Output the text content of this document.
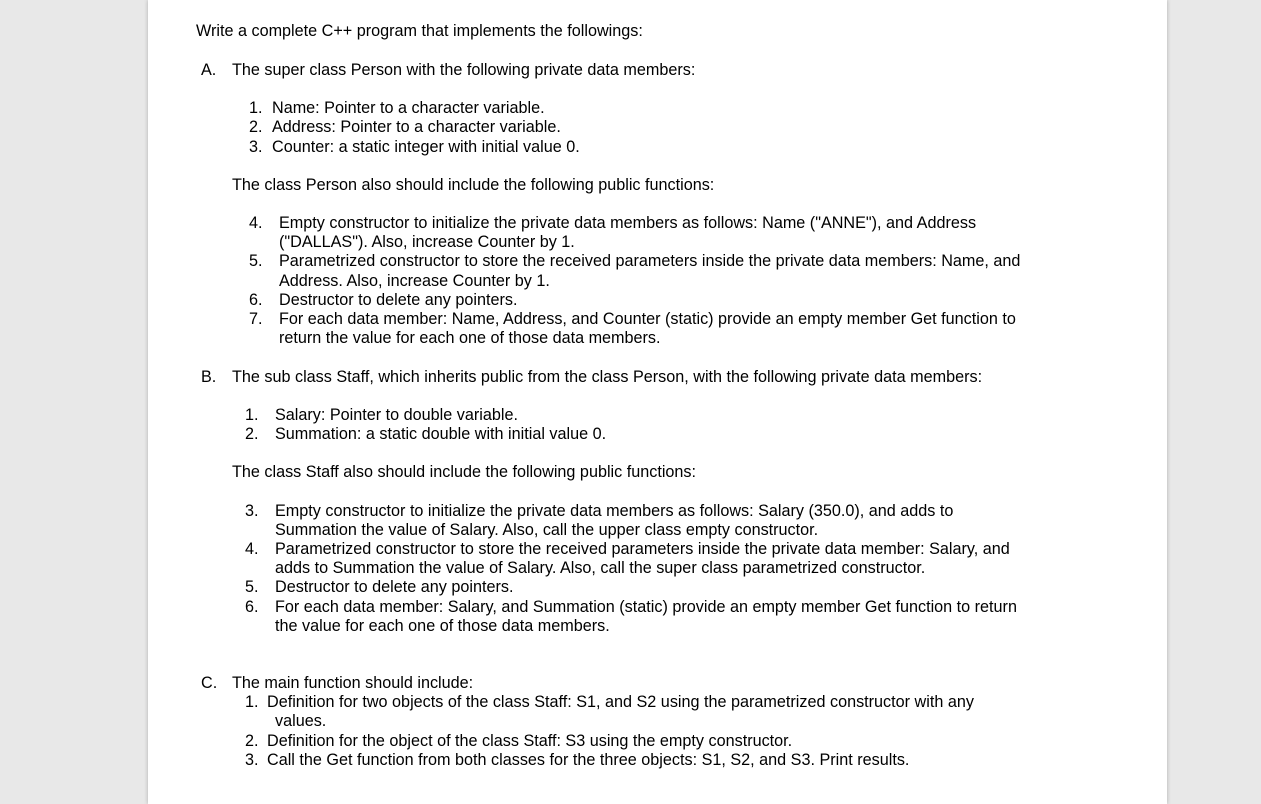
Write a complete C++ program that implements the followings:
A. The super class Person with the following private data members:
1. Name: Pointer to a character variable.
2. Address: Pointer to a character variable.
3. Counter: a static integer with initial value 0.
The class Person also should include the following public functions:
4. Empty constructor to initialize the private data members as follows: Name ("ANNE"), and Address
("DALLAS"). Also, increase Counter by 1.
5. Parametrized constructor to store the received parameters inside the private data members: Name, and
Address. Also, increase Counter by 1.
6. Destructor to delete any pointers.
7. For each data member: Name, Address, and Counter (static) provide an empty member Get function to
return the value for each one of those data members.
B. The sub class Staff, which inherits public from the class Person, with the following private data members:
1. Salary: Pointer to double variable.
2. Summation: a static double with initial value 0.
The class Staff also should include the following public functions:
3. Empty constructor to initialize the private data members as follows: Salary (350.0), and adds to
Summation the value of Salary. Also, call the upper class empty constructor.
4. Parametrized constructor to store the received parameters inside the private data member: Salary, and
adds to Summation the value of Salary. Also, call the super class parametrized constructor.
5. Destructor to delete any pointers.
6. For each data member: Salary, and Summation (static) provide an empty member Get function to return
the value for each one of those data members.
C. The main function should include:
1. Definition for two objects of the class Staff: S1, and S2 using the parametrized constructor with any
values.
2. Definition for the object of the class Staff: S3 using the empty constructor.
3. Call the Get function from both classes for the three objects: S1, S2, and S3. Print results.
